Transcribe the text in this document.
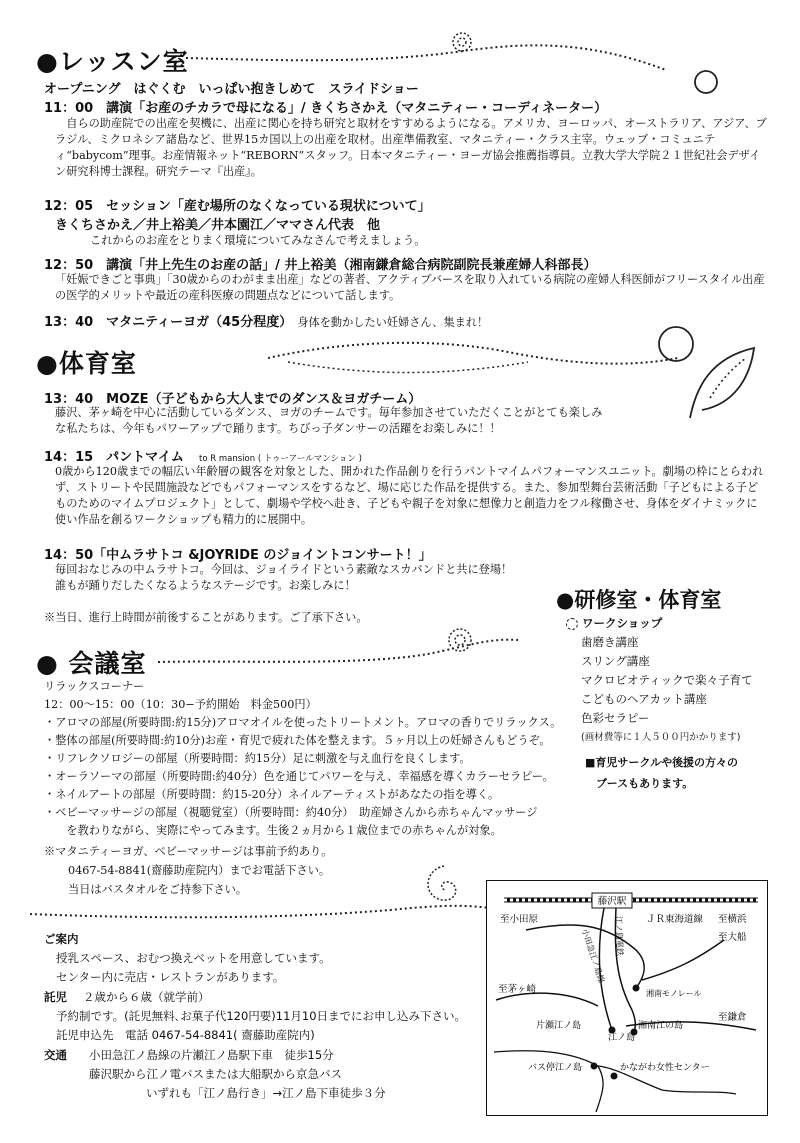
●レッスン室
オープニング　はぐくむ　いっぱい抱きしめて　スライドショー
11：00　講演「お産のチカラで母になる」/ きくちさかえ（マタニティー・コーディネーター）
　自らの助産院での出産を契機に、出産に関心を持ち研究と取材をすすめるようになる。アメリカ、ヨーロッパ、オーストラリア、アジア、ブラジル、ミクロネシア諸島など、世界15カ国以上の出産を取材。出産準備教室、マタニティー・クラス主宰。ウェッブ・コミュニティ“babycom”理事。お産情報ネット“REBORN”スタッフ。日本マタニティー・ヨーガ協会推薦指導員。立教大学大学院２１世紀社会デザイン研究科博士課程。研究テーマ『出産』。
12：05　セッション「産む場所のなくなっている現状について」
きくちさかえ／井上裕美／井本園江／ママさん代表　他
これからのお産をとりまく環境についてみなさんで考えましょう。
12：50　講演「井上先生のお産の話」/ 井上裕美（湘南鎌倉総合病院副院長兼産婦人科部長）
「妊娠できごと事典」「30歳からのわがまま出産」などの著者、アクティブバースを取り入れている病院の産婦人科医師がフリースタイル出産の医学的メリットや最近の産科医療の問題点などについて話します。
13：40　マタニティーヨガ（45分程度） 身体を動かしたい妊婦さん、集まれ！
●体育室
13：40　MOZE（子どもから大人までのダンス＆ヨガチーム）
藤沢、茅ヶ崎を中心に活動しているダンス、ヨガのチームです。毎年参加させていただくことがとても楽しみな私たちは、今年もパワーアップで踊ります。ちびっ子ダンサーの活躍をお楽しみに！！
14：15　パントマイム to R mansion ( トゥーアールマンション )
0歳から120歳までの幅広い年齢層の観客を対象とした、開かれた作品創りを行うパントマイムパフォーマンスユニット。劇場の枠にとらわれず、ストリートや民間施設などでもパフォーマンスをするなど、場に応じた作品を提供する。また、参加型舞台芸術活動「子どもによる子どものためのマイムプロジェクト」として、劇場や学校へ赴き、子どもや親子を対象に想像力と創造力をフル稼働させ、身体をダイナミックに使い作品を創るワークショップも精力的に展開中。
14：50「中ムラサトコ &JOYRIDE のジョイントコンサート！」
毎回おなじみの中ムラサトコ。今回は、ジョイライドという素敵なスカバンドと共に登場！誰もが踊りだしたくなるようなステージです。お楽しみに！
※当日、進行上時間が前後することがあります。ご了承下さい。
●研修室・体育室
ワークショップ
歯磨き講座
スリング講座
マクロビオティックで楽々子育て
こどものヘアカット講座
色彩セラピー
(画材費等に１人５００円かかります)
■育児サークルや後援の方々の
ブースもあります。
● 会議室
リラックスコーナー
12：00～15：00（10：30−予約開始　料金500円）
・アロマの部屋(所要時間:約15分)アロマオイルを使ったトリートメント。アロマの香りでリラックス。
・整体の部屋(所要時間:約10分)お産・育児で疲れた体を整えます。５ヶ月以上の妊婦さんもどうぞ。
・リフレクソロジーの部屋（所要時間：約15分）足に刺激を与え血行を良くします。
・オーラソーマの部屋（所要時間:約40分）色を通じてパワーを与え、幸福感を導くカラーセラピー。
・ネイルアートの部屋（所要時間：約15-20分）ネイルアーティストがあなたの指を導く。
・ベビーマッサージの部屋（視聴覚室）（所要時間：約40分）　助産婦さんから赤ちゃんマッサージ
　　を教わりながら、実際にやってみます。生後２ヵ月から１歳位までの赤ちゃんが対象。
※マタニティーヨガ、ベビーマッサージは事前予約あり。
0467-54-8841(齋藤助産院内）までお電話下さい。
当日はバスタオルをご持参下さい。
ご案内
授乳スペース、おむつ換えベットを用意しています。
センター内に売店・レストランがあります。
託児 ２歳から６歳（就学前）
予約制です。(託児無料､お菓子代120円要)11月10日までにお申し込み下さい。
託児申込先　電話 0467-54-8841( 齋藤助産院内)
交通 小田急江ノ島線の片瀬江ノ島駅下車　徒歩15分
藤沢駅から江ノ電バスまたは大船駅から京急バス
いずれも「江ノ島行き」→江ノ島下車徒歩３分
藤沢駅
至小田原	ＪＲ東海道線 至横浜
至大船
至茅ヶ崎
至鎌倉
湘南モノレール
湘南江の島
片瀬江ノ島
江ノ島
バス停江ノ島	かながわ女性センター
小田急江ノ島線 江ノ島電鉄
